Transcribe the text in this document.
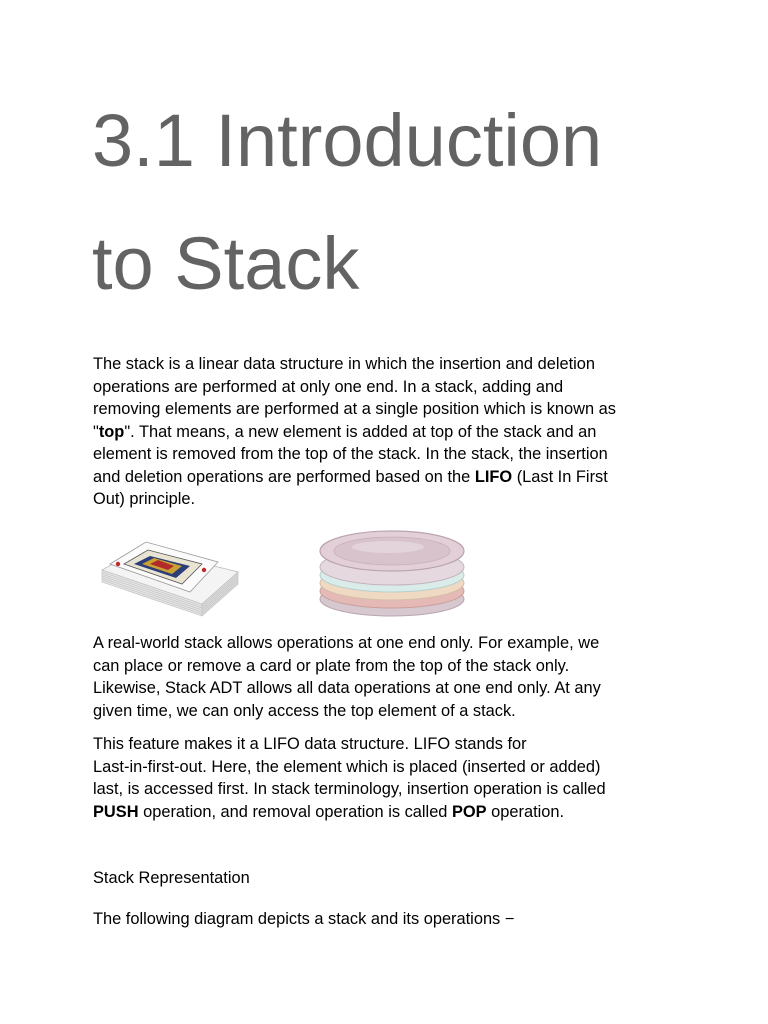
3.1 Introduction
to Stack

The stack is a linear data structure in which the insertion and deletion
operations are performed at only one end. In a stack, adding and
removing elements are performed at a single position which is known as
"top". That means, a new element is added at top of the stack and an
element is removed from the top of the stack. In the stack, the insertion
and deletion operations are performed based on the LIFO (Last In First
Out) principle.

A real-world stack allows operations at one end only. For example, we
can place or remove a card or plate from the top of the stack only.
Likewise, Stack ADT allows all data operations at one end only. At any
given time, we can only access the top element of a stack.

This feature makes it a LIFO data structure. LIFO stands for
Last-in-first-out. Here, the element which is placed (inserted or added)
last, is accessed first. In stack terminology, insertion operation is called
PUSH operation, and removal operation is called POP operation.

Stack Representation

The following diagram depicts a stack and its operations −
